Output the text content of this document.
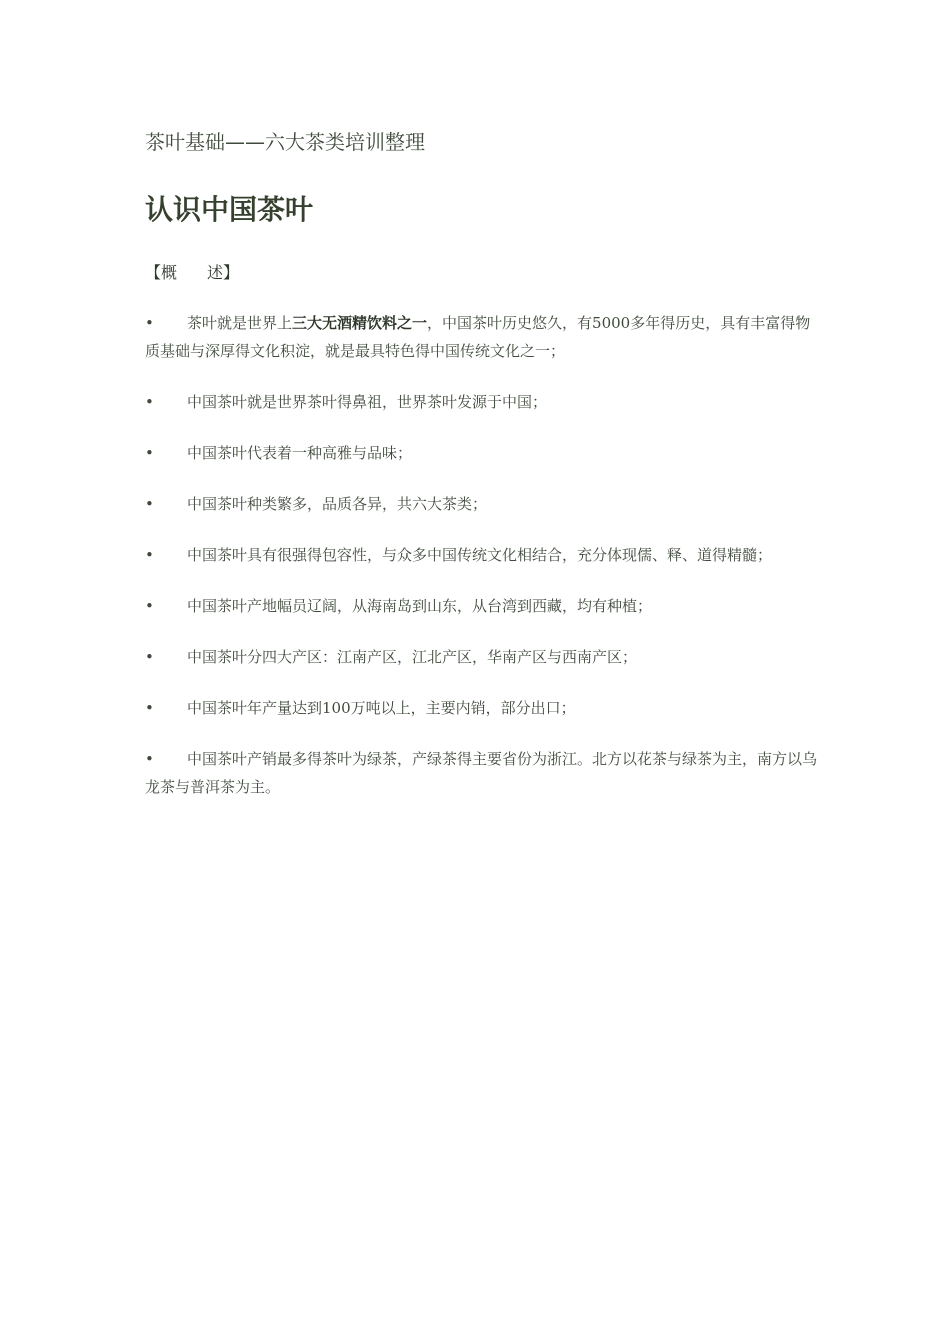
茶叶基础——六大茶类培训整理
认识中国茶叶
【概 述】
• 茶叶就是世界上三大无酒精饮料之一，中国茶叶历史悠久，有5000多年得历史，具有丰富得物质基础与深厚得文化积淀，就是最具特色得中国传统文化之一；
• 中国茶叶就是世界茶叶得鼻祖，世界茶叶发源于中国；
• 中国茶叶代表着一种高雅与品味；
• 中国茶叶种类繁多，品质各异，共六大茶类；
• 中国茶叶具有很强得包容性，与众多中国传统文化相结合，充分体现儒、释、道得精髓；
• 中国茶叶产地幅员辽阔，从海南岛到山东，从台湾到西藏，均有种植；
• 中国茶叶分四大产区：江南产区，江北产区，华南产区与西南产区；
• 中国茶叶年产量达到100万吨以上，主要内销，部分出口；
• 中国茶叶产销最多得茶叶为绿茶，产绿茶得主要省份为浙江。北方以花茶与绿茶为主，南方以乌龙茶与普洱茶为主。
